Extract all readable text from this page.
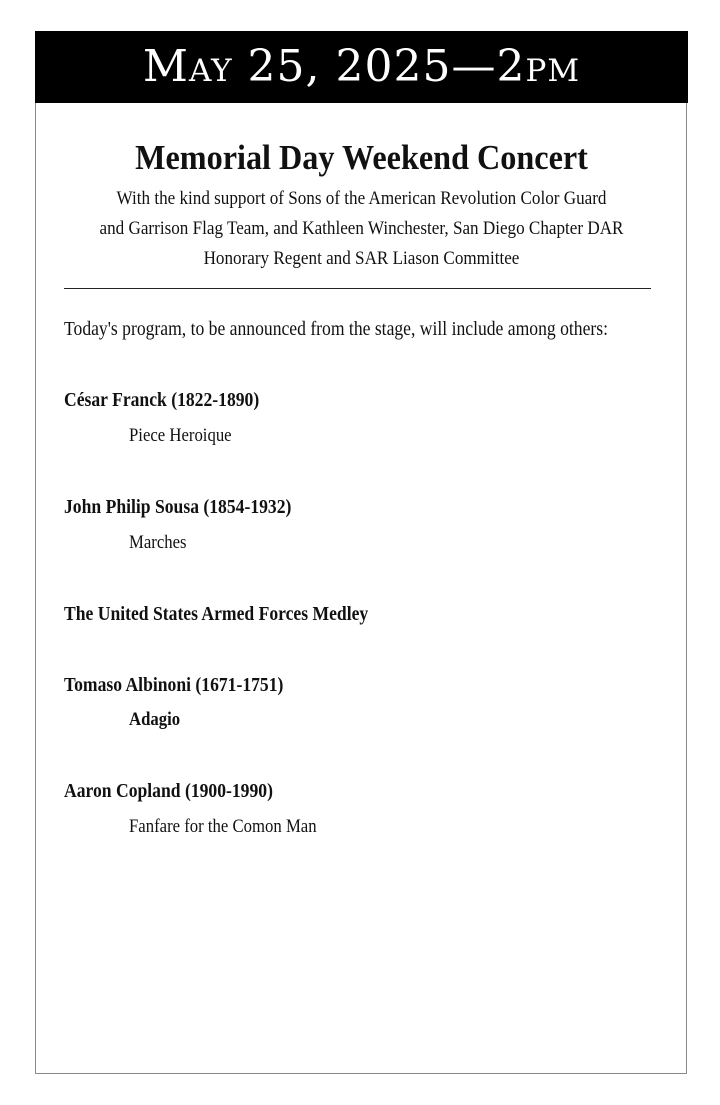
May 25, 2025—2pm
Memorial Day Weekend Concert
With the kind support of Sons of the American Revolution Color Guard
and Garrison Flag Team, and Kathleen Winchester, San Diego Chapter DAR
Honorary Regent and SAR Liason Committee
Today's program, to be announced from the stage, will include among others:
César Franck (1822-1890)
Piece Heroique
John Philip Sousa (1854-1932)
Marches
The United States Armed Forces Medley
Tomaso Albinoni (1671-1751)
Adagio
Aaron Copland (1900-1990)
Fanfare for the Comon Man
